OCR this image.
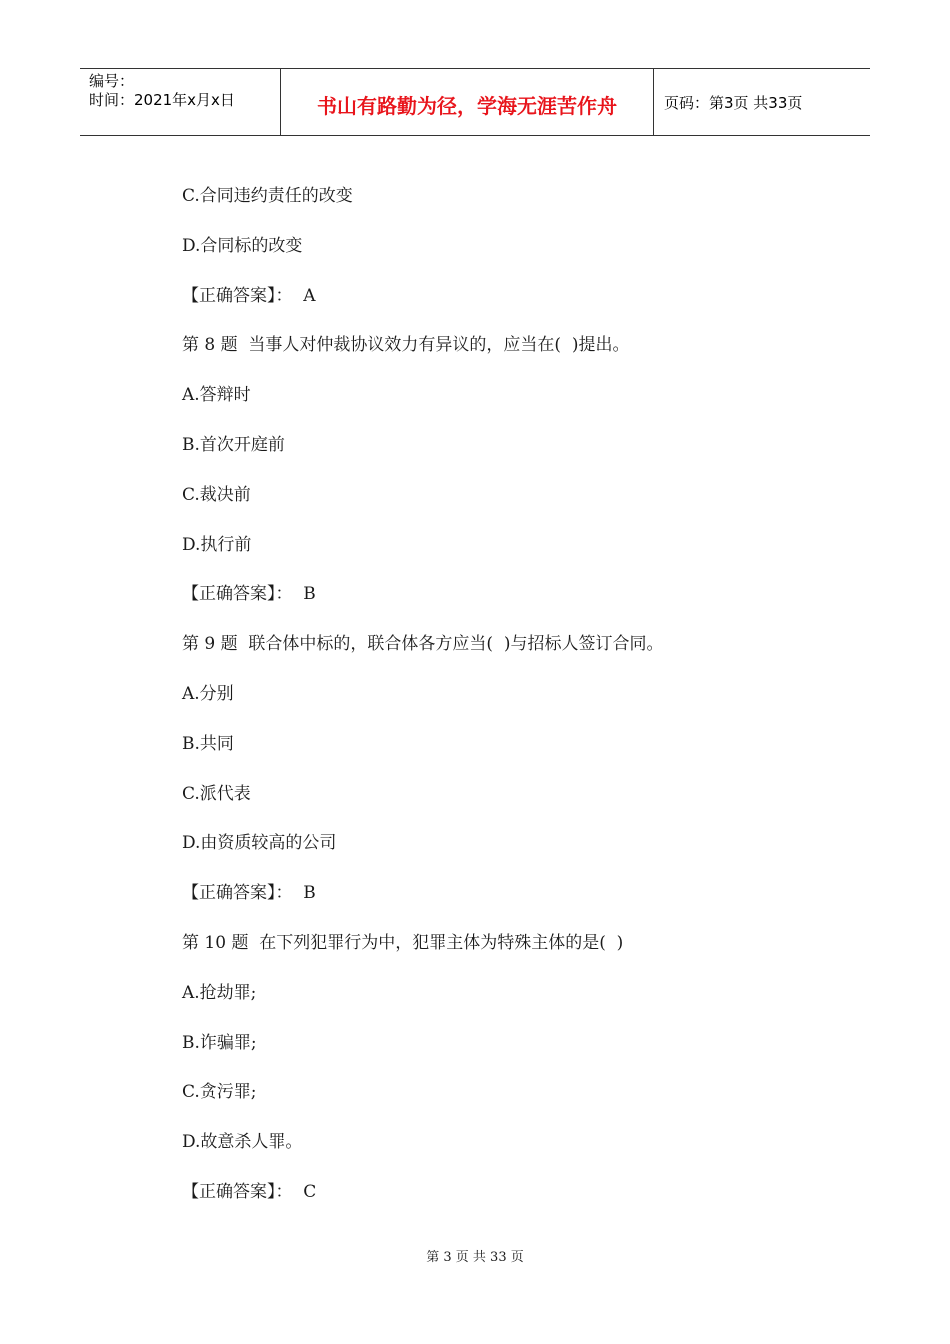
编号：
时间：2021年x月x日	书山有路勤为径，学海无涯苦作舟	页码：第3页 共33页
C.合同违约责任的改变
D.合同标的改变
【正确答案】：  A
第 8 题  当事人对仲裁协议效力有异议的，应当在(  )提出。
A.答辩时
B.首次开庭前
C.裁决前
D.执行前
【正确答案】：  B
第 9 题  联合体中标的，联合体各方应当(  )与招标人签订合同。
A.分别
B.共同
C.派代表
D.由资质较高的公司
【正确答案】：  B
第 10 题  在下列犯罪行为中，犯罪主体为特殊主体的是(  )
A.抢劫罪;
B.诈骗罪;
C.贪污罪;
D.故意杀人罪。
【正确答案】：  C
第 3 页 共 33 页
